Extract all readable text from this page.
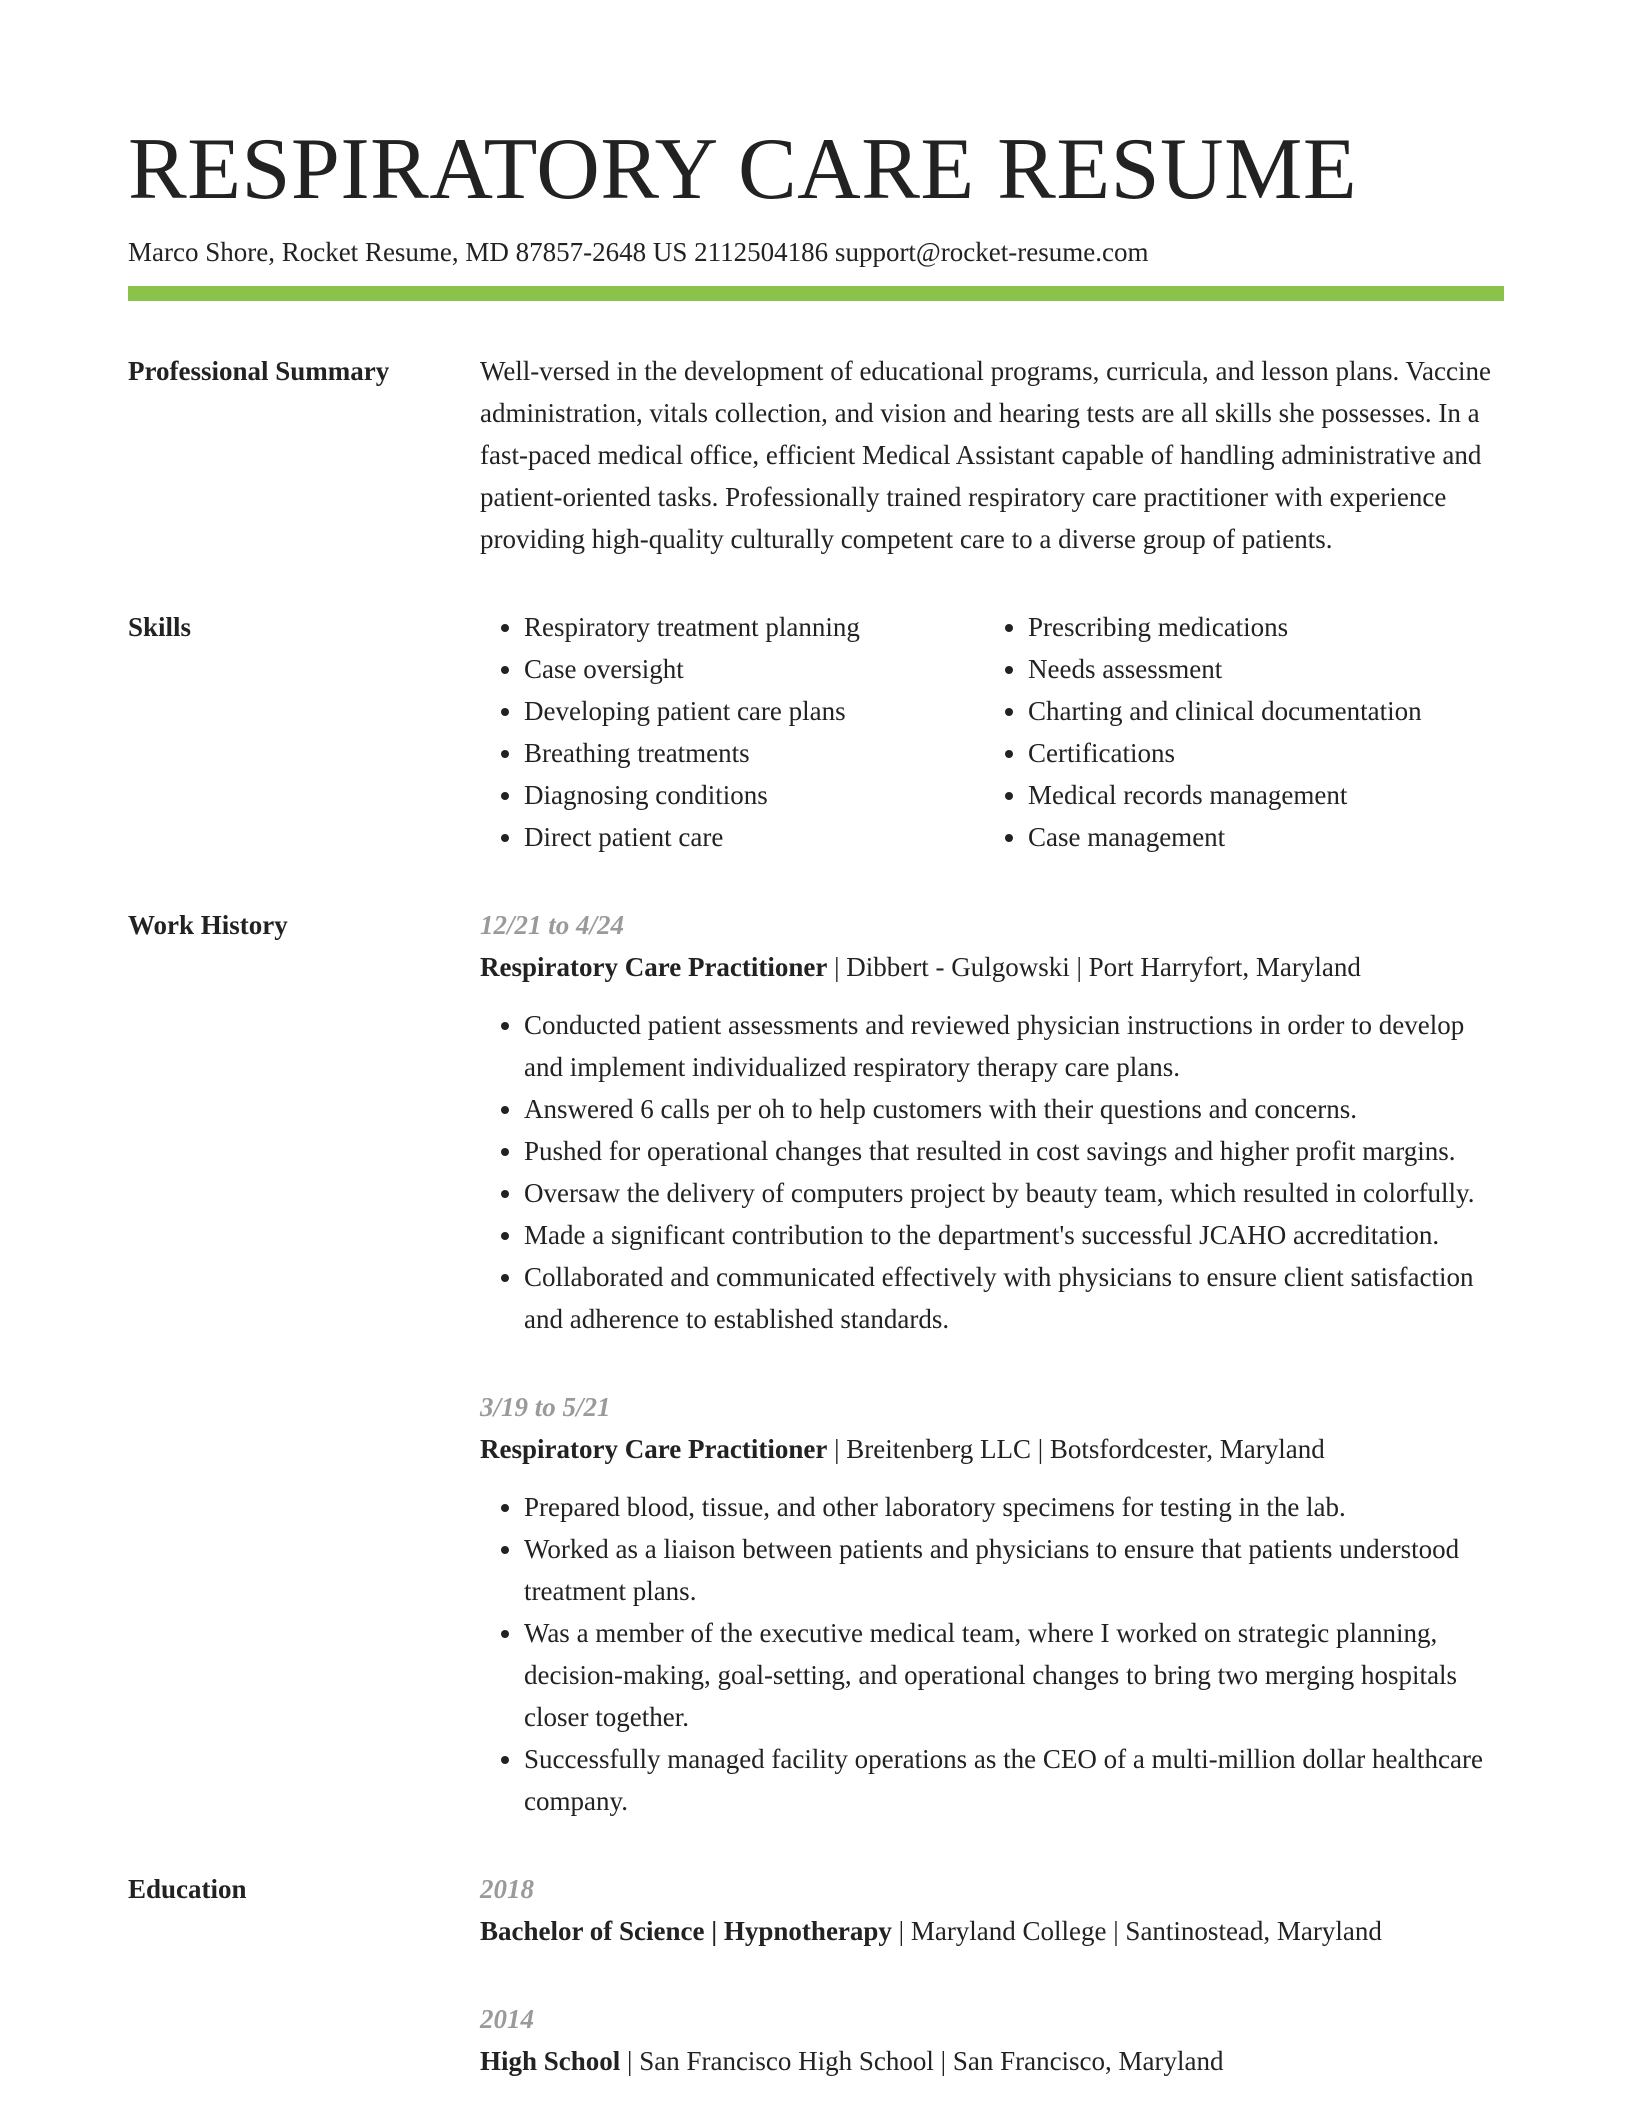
RESPIRATORY CARE RESUME
Marco Shore, Rocket Resume, MD 87857-2648 US 2112504186 support@rocket-resume.com
Professional Summary	Well-versed in the development of educational programs, curricula, and lesson plans. Vaccine administration, vitals collection, and vision and hearing tests are all skills she possesses. In a fast-paced medical office, efficient Medical Assistant capable of handling administrative and patient-oriented tasks. Professionally trained respiratory care practitioner with experience providing high-quality culturally competent care to a diverse group of patients.

Skills
•	Respiratory treatment planning
• Case oversight
• Developing patient care plans
• Breathing treatments
• Diagnosing conditions
• Direct patient care
• Prescribing medications
• Needs assessment
• Charting and clinical documentation
• Certifications
• Medical records management
• Case management
Work History	12/21 to 4/24
Respiratory Care Practitioner | Dibbert - Gulgowski | Port Harryfort, Maryland
• Conducted patient assessments and reviewed physician instructions in order to develop and implement individualized respiratory therapy care plans.
• Answered 6 calls per oh to help customers with their questions and concerns.
• Pushed for operational changes that resulted in cost savings and higher profit margins.
• Oversaw the delivery of computers project by beauty team, which resulted in colorfully.
• Made a significant contribution to the department's successful JCAHO accreditation.
• Collaborated and communicated effectively with physicians to ensure client satisfaction and adherence to established standards.
3/19 to 5/21
Respiratory Care Practitioner | Breitenberg LLC | Botsfordcester, Maryland
• Prepared blood, tissue, and other laboratory specimens for testing in the lab.
• Worked as a liaison between patients and physicians to ensure that patients understood treatment plans.
• Was a member of the executive medical team, where I worked on strategic planning, decision-making, goal-setting, and operational changes to bring two merging hospitals closer together.
• Successfully managed facility operations as the CEO of a multi-million dollar healthcare company.
Education	2018
Bachelor of Science | Hypnotherapy | Maryland College | Santinostead, Maryland
2014
High School | San Francisco High School | San Francisco, Maryland
